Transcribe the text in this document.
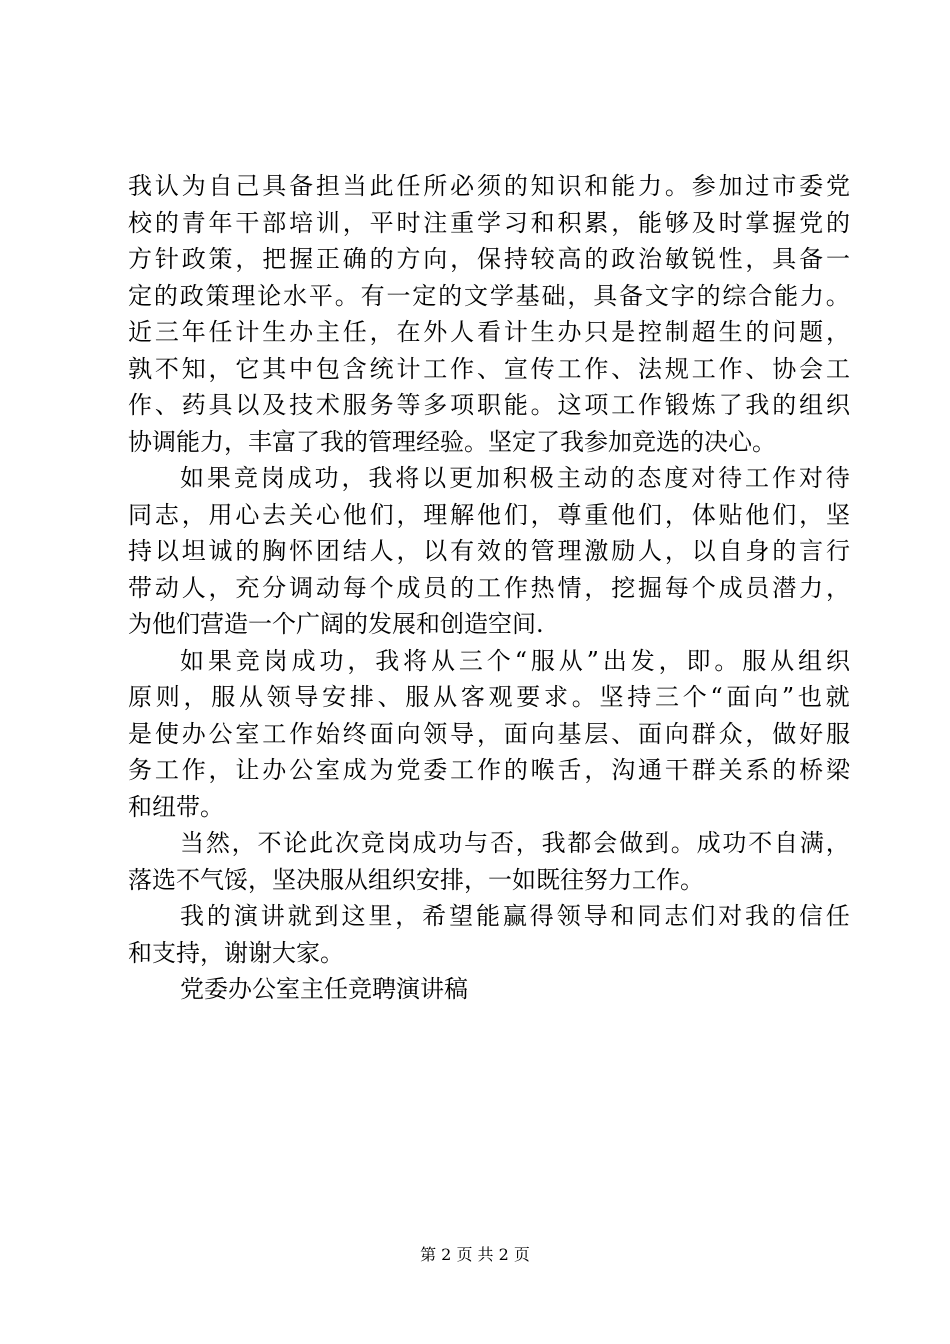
我 认 为 自 己 具 备 担 当 此 任 所 必 须 的 知 识 和 能 力 。 参 加 过 市 委 党
校 的 青 年 干 部 培 训 ， 平 时 注 重 学 习 和 积 累 ， 能 够 及 时 掌 握 党 的
方 针 政 策 ， 把 握 正 确 的 方 向 ， 保 持 较 高 的 政 治 敏 锐 性 ， 具 备 一
定 的 政 策 理 论 水 平 。 有 一 定 的 文 学 基 础 ， 具 备 文 字 的 综 合 能 力 。
近 三 年 任 计 生 办 主 任 ， 在 外 人 看 计 生 办 只 是 控 制 超 生 的 问 题 ，
孰 不 知 ， 它 其 中 包 含 统 计 工 作 、 宣 传 工 作 、 法 规 工 作 、 协 会 工
作 、 药 具 以 及 技 术 服 务 等 多 项 职 能 。 这 项 工 作 锻 炼 了 我 的 组 织
协调能力，丰富了我的管理经验。坚定了我参加竞选的决心。
如 果 竞 岗 成 功 ， 我 将 以 更 加 积 极 主 动 的 态 度 对 待 工 作 对 待
同 志 ， 用 心 去 关 心 他 们 ， 理 解 他 们 ， 尊 重 他 们 ， 体 贴 他 们 ， 坚
持 以 坦 诚 的 胸 怀 团 结 人 ， 以 有 效 的 管 理 激 励 人 ， 以 自 身 的 言 行
带 动 人 ， 充 分 调 动 每 个 成 员 的 工 作 热 情 ， 挖 掘 每 个 成 员 潜 力 ，
为他们营造一个广阔的发展和创造空间.
如 果 竞 岗 成 功 ， 我 将 从 三 个 “ 服 从 ” 出 发 ， 即 。 服 从 组 织
原 则 ， 服 从 领 导 安 排 、 服 从 客 观 要 求 。 坚 持 三 个 “ 面 向 ” 也 就
是 使 办 公 室 工 作 始 终 面 向 领 导 ， 面 向 基 层 、 面 向 群 众 ， 做 好 服
务 工 作 ， 让 办 公 室 成 为 党 委 工 作 的 喉 舌 ， 沟 通 干 群 关 系 的 桥 梁
和纽带。
当 然 ， 不 论 此 次 竞 岗 成 功 与 否 ， 我 都 会 做 到 。 成 功 不 自 满 ，
落选不气馁，坚决服从组织安排，一如既往努力工作。
我 的 演 讲 就 到 这 里 ， 希 望 能 赢 得 领 导 和 同 志 们 对 我 的 信 任
和支持，谢谢大家。
党委办公室主任竞聘演讲稿
第 2 页 共 2 页
